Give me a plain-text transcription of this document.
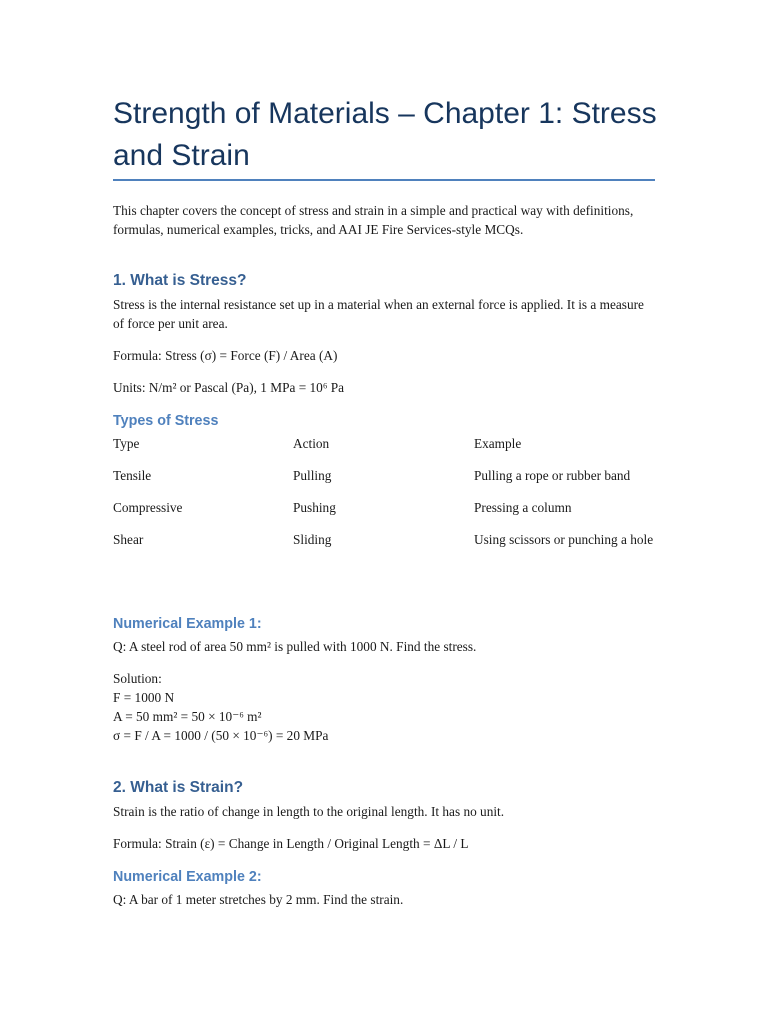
Strength of Materials – Chapter 1: Stress and Strain

This chapter covers the concept of stress and strain in a simple and practical way with definitions, formulas, numerical examples, tricks, and AAI JE Fire Services-style MCQs.

1. What is Stress?

Stress is the internal resistance set up in a material when an external force is applied. It is a measure of force per unit area.

Formula: Stress (σ) = Force (F) / Area (A)

Units: N/m² or Pascal (Pa), 1 MPa = 10⁶ Pa

Types of Stress
Type	Action	Example
Tensile	Pulling	Pulling a rope or rubber band
Compressive	Pushing	Pressing a column
Shear	Sliding	Using scissors or punching a hole
Numerical Example 1:

Q: A steel rod of area 50 mm² is pulled with 1000 N. Find the stress.

Solution:
F = 1000 N
A = 50 mm² = 50 × 10⁻⁶ m²
σ = F / A = 1000 / (50 × 10⁻⁶) = 20 MPa
2. What is Strain?

Strain is the ratio of change in length to the original length. It has no unit.

Formula: Strain (ε) = Change in Length / Original Length = ΔL / L

Numerical Example 2:

Q: A bar of 1 meter stretches by 2 mm. Find the strain.
